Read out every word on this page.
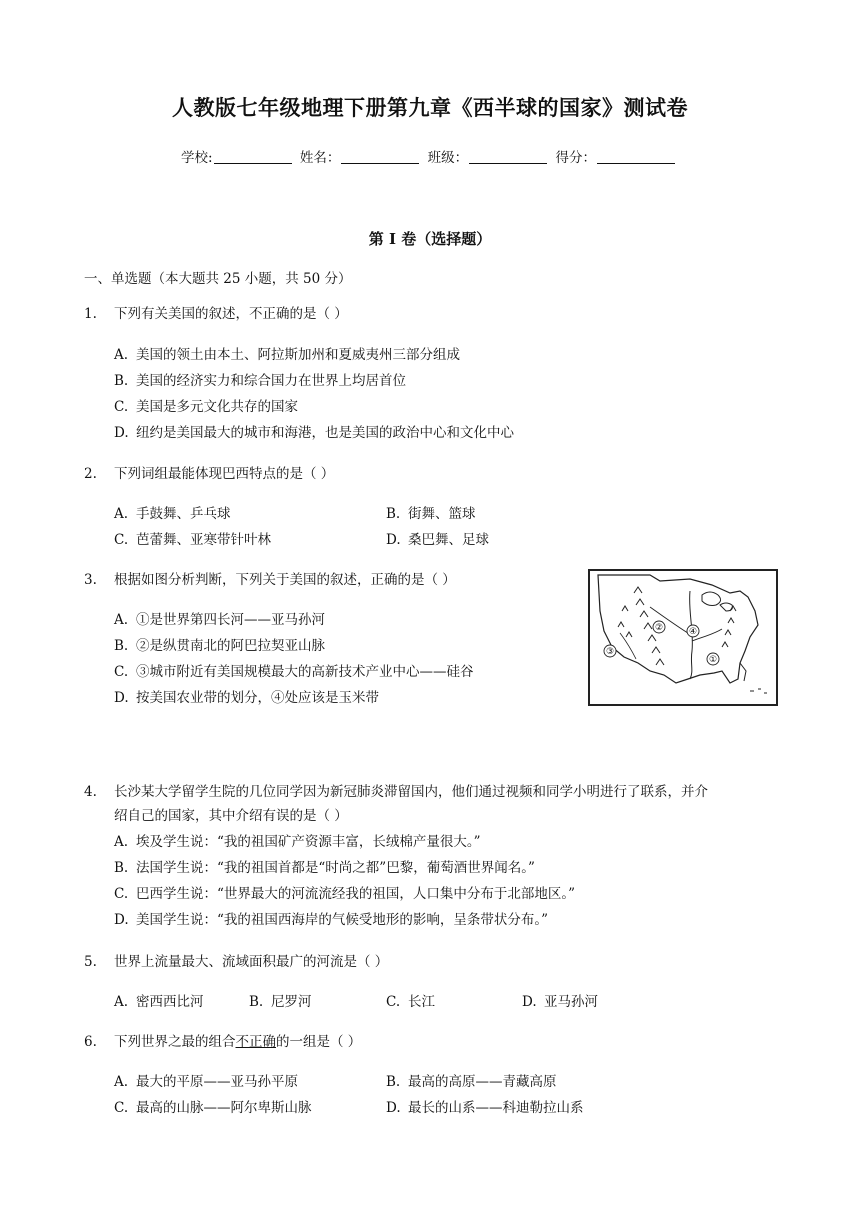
人教版七年级地理下册第九章《西半球的国家》测试卷
学校:	姓名：	班级：	得分：
第 I 卷（选择题）
一、单选题（本大题共 25 小题，共 50 分）
1. 下列有关美国的叙述，不正确的是（ ）
A. 美国的领土由本土、阿拉斯加州和夏威夷州三部分组成
B. 美国的经济实力和综合国力在世界上均居首位
C. 美国是多元文化共存的国家
D. 纽约是美国最大的城市和海港，也是美国的政治中心和文化中心
2. 下列词组最能体现巴西特点的是（ ）
A. 手鼓舞、乒乓球	B. 街舞、篮球
C. 芭蕾舞、亚寒带针叶林	D. 桑巴舞、足球
3. 根据如图分析判断，下列关于美国的叙述，正确的是（ ）
A. ①是世界第四长河——亚马孙河
B. ②是纵贯南北的阿巴拉契亚山脉
C. ③城市附近有美国规模最大的高新技术产业中心——硅谷
D. 按美国农业带的划分，④处应该是玉米带
①
②
③
④
4. 长沙某大学留学生院的几位同学因为新冠肺炎滞留国内，他们通过视频和同学小明进行了联系，并介
绍自己的国家，其中介绍有误的是（ ）
A. 埃及学生说：“我的祖国矿产资源丰富，长绒棉产量很大。”
B. 法国学生说：“我的祖国首都是“时尚之都”巴黎，葡萄酒世界闻名。”
C. 巴西学生说：“世界最大的河流流经我的祖国，人口集中分布于北部地区。”
D. 美国学生说：“我的祖国西海岸的气候受地形的影响，呈条带状分布。”
5. 世界上流量最大、流域面积最广的河流是（ ）
A. 密西西比河	B. 尼罗河	C. 长江	D. 亚马孙河
6. 下列世界之最的组合不正确的一组是（ ）
A. 最大的平原——亚马孙平原	B. 最高的高原——青藏高原
C. 最高的山脉——阿尔卑斯山脉	D. 最长的山系——科迪勒拉山系
